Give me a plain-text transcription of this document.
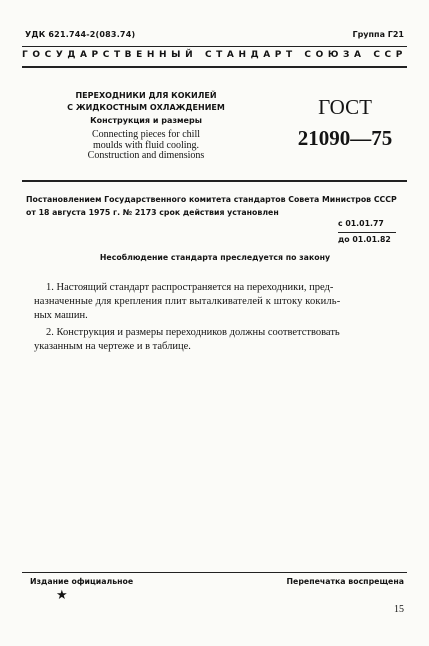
УДК 621.744-2(083.74)	Группа Г21
ГОСУДАРСТВЕННЫЙ СТАНДАРТ СОЮЗА ССР
ПЕРЕХОДНИКИ ДЛЯ КОКИЛЕЙ
С ЖИДКОСТНЫМ ОХЛАЖДЕНИЕМ
Конструкция и размеры
Connecting pieces for chill
moulds with fluid cooling.
Construction and dimensions
ГОСТ
21090—75
Постановлением Государственного комитета стандартов Совета Министров СССР
от 18 августа 1975 г. № 2173 срок действия установлен
с 01.01.77
до 01.01.82
Несоблюдение стандарта преследуется по закону
1. Настоящий стандарт распространяется на переходники, пред-
назначенные для крепления плит выталкивателей к штоку кокиль-
ных машин.
2. Конструкция и размеры переходников должны соответствовать
указанным на чертеже и в таблице.
Издание официальное	Перепечатка воспрещена
★
15
